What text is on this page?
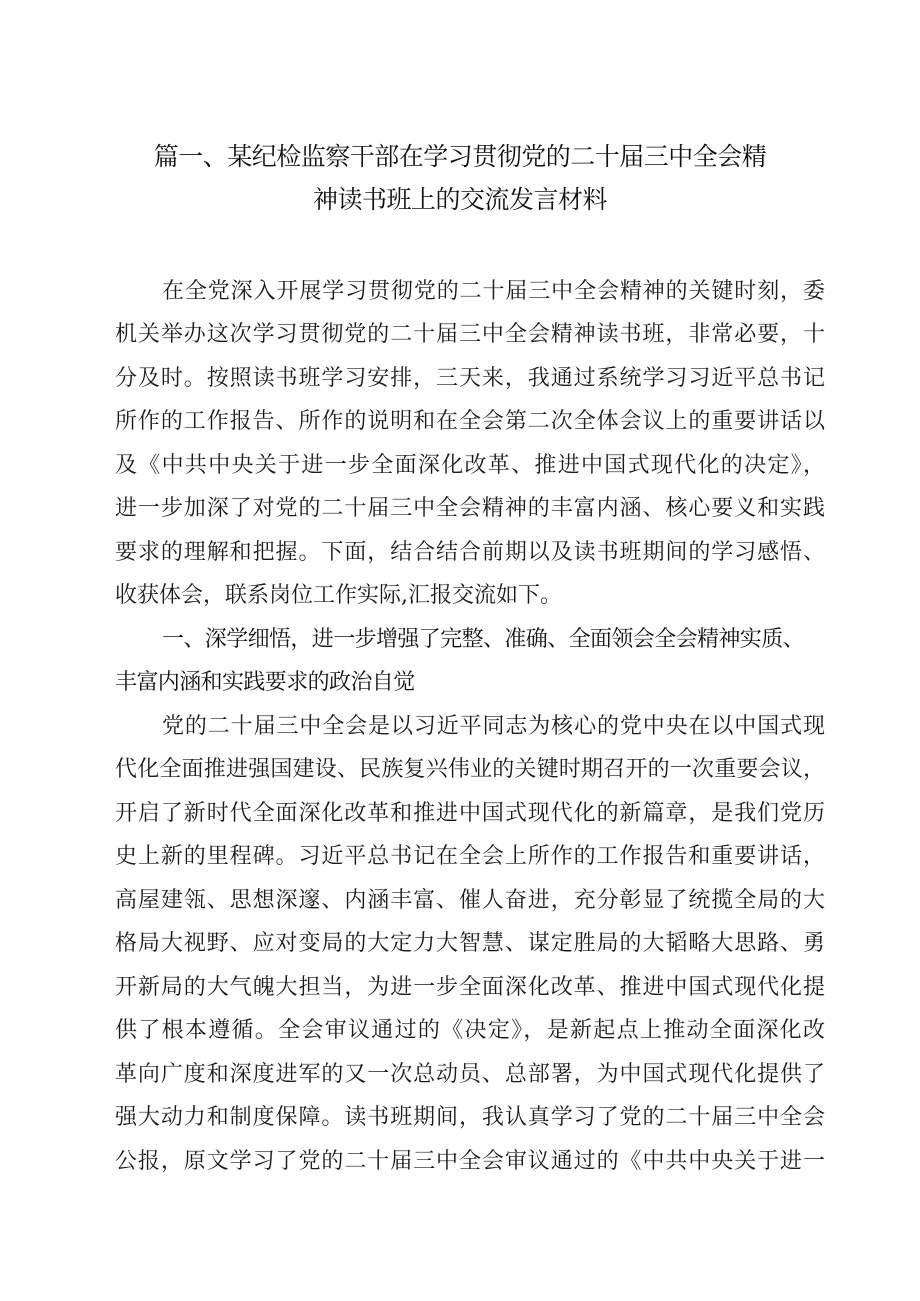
篇一、某纪检监察干部在学习贯彻党的二十届三中全会精
神读书班上的交流发言材料
在全党深入开展学习贯彻党的二十届三中全会精神的关键时刻，委
机关举办这次学习贯彻党的二十届三中全会精神读书班，非常必要，十
分及时。按照读书班学习安排，三天来，我通过系统学习习近平总书记
所作的工作报告、所作的说明和在全会第二次全体会议上的重要讲话以
及《中共中央关于进一步全面深化改革、推进中国式现代化的决定》，
进一步加深了对党的二十届三中全会精神的丰富内涵、核心要义和实践
要求的理解和把握。下面，结合结合前期以及读书班期间的学习感悟、
收获体会，联系岗位工作实际,汇报交流如下。
一、深学细悟，进一步增强了完整、准确、全面领会全会精神实质、
丰富内涵和实践要求的政治自觉
党的二十届三中全会是以习近平同志为核心的党中央在以中国式现
代化全面推进强国建设、民族复兴伟业的关键时期召开的一次重要会议，
开启了新时代全面深化改革和推进中国式现代化的新篇章，是我们党历
史上新的里程碑。习近平总书记在全会上所作的工作报告和重要讲话，
高屋建瓴、思想深邃、内涵丰富、催人奋进，充分彰显了统揽全局的大
格局大视野、应对变局的大定力大智慧、谋定胜局的大韬略大思路、勇
开新局的大气魄大担当，为进一步全面深化改革、推进中国式现代化提
供了根本遵循。全会审议通过的《决定》，是新起点上推动全面深化改
革向广度和深度进军的又一次总动员、总部署，为中国式现代化提供了
强大动力和制度保障。读书班期间，我认真学习了党的二十届三中全会
公报，原文学习了党的二十届三中全会审议通过的《中共中央关于进一
